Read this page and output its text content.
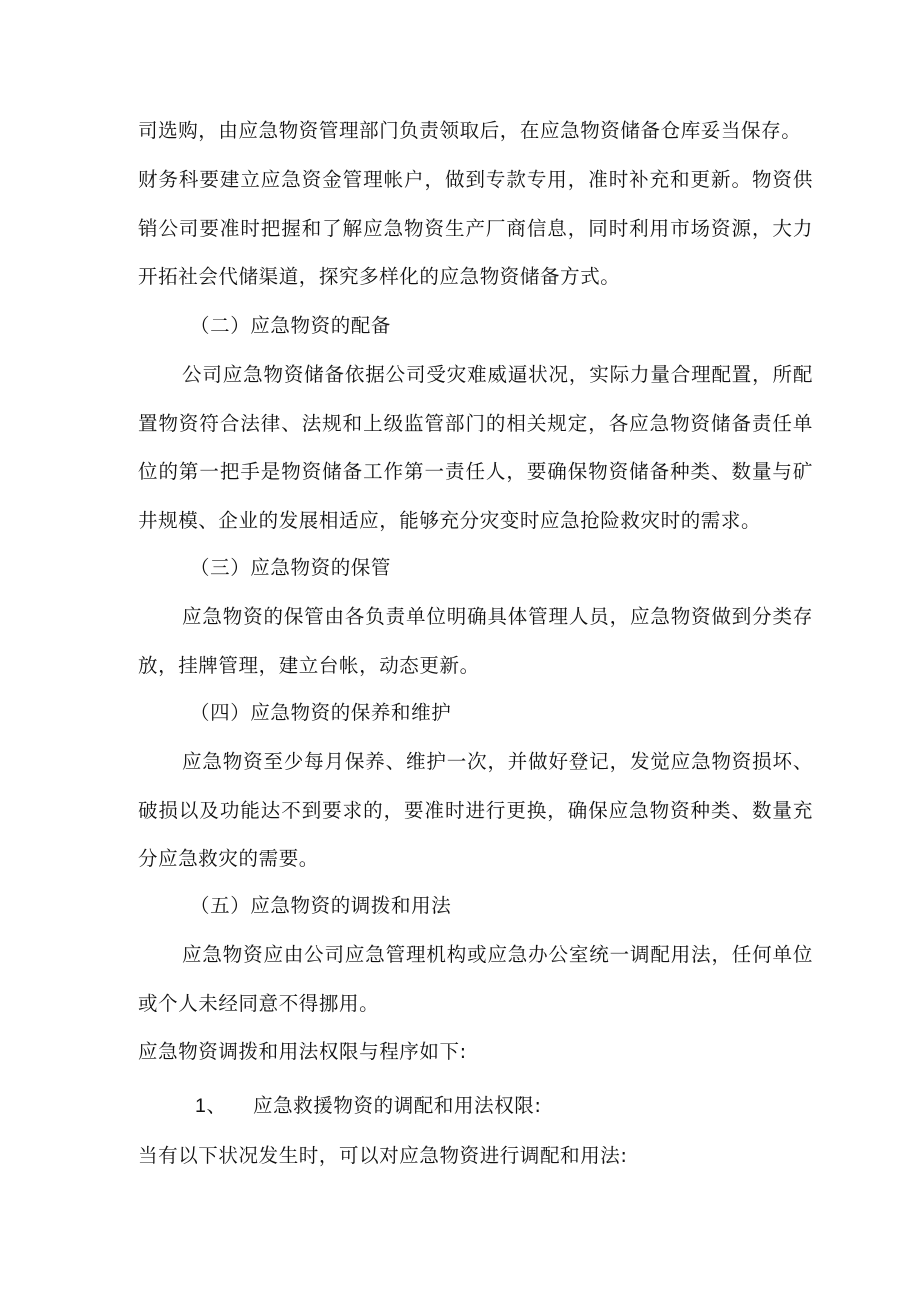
司选购，由应急物资管理部门负责领取后，在应急物资储备仓库妥当保存。

财务科要建立应急资金管理帐户，做到专款专用，准时补充和更新。物资供销公司要准时把握和了解应急物资生产厂商信息，同时利用市场资源，大力开拓社会代储渠道，探究多样化的应急物资储备方式。

（二）应急物资的配备

公司应急物资储备依据公司受灾难威逼状况，实际力量合理配置，所配置物资符合法律、法规和上级监管部门的相关规定，各应急物资储备责任单位的第一把手是物资储备工作第一责任人，要确保物资储备种类、数量与矿井规模、企业的发展相适应，能够充分灾变时应急抢险救灾时的需求。

（三）应急物资的保管

应急物资的保管由各负责单位明确具体管理人员，应急物资做到分类存放，挂牌管理，建立台帐，动态更新。

（四）应急物资的保养和维护

应急物资至少每月保养、维护一次，并做好登记，发觉应急物资损坏、破损以及功能达不到要求的，要准时进行更换，确保应急物资种类、数量充分应急救灾的需要。

（五）应急物资的调拨和用法

应急物资应由公司应急管理机构或应急办公室统一调配用法，任何单位或个人未经同意不得挪用。

应急物资调拨和用法权限与程序如下:

1、 应急救援物资的调配和用法权限:

当有以下状况发生时，可以对应急物资进行调配和用法:
